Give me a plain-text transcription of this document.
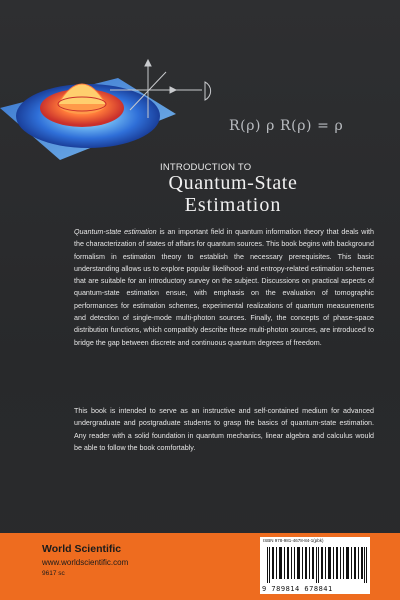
R(ρ) ρ R(ρ) = ρ
INTRODUCTION TO
Quantum-State
Estimation
Quantum-state estimation is an important field in quantum information theory that deals with the characterization of states of affairs for quantum sources. This book begins with background formalism in estimation theory to establish the necessary prerequisites. This basic understanding allows us to explore popular likelihood- and entropy-related estimation schemes that are suitable for an introductory survey on the subject. Discussions on practical aspects of quantum-state estimation ensue, with emphasis on the evaluation of tomographic performances for estimation schemes, experimental realizations of quantum measurements and detection of single-mode multi-photon sources. Finally, the concepts of phase-space distribution functions, which compatibly describe these multi-photon sources, are introduced to bridge the gap between discrete and continuous quantum degrees of freedom.
This book is intended to serve as an instructive and self-contained medium for advanced undergraduate and postgraduate students to grasp the basics of quantum-state estimation. Any reader with a solid foundation in quantum mechanics, linear algebra and calculus would be able to follow the book comfortably.
World Scientific
www.worldscientific.com
9617 sc
ISBN 978-981-4678-84-1(pbk)
9 789814 678841
